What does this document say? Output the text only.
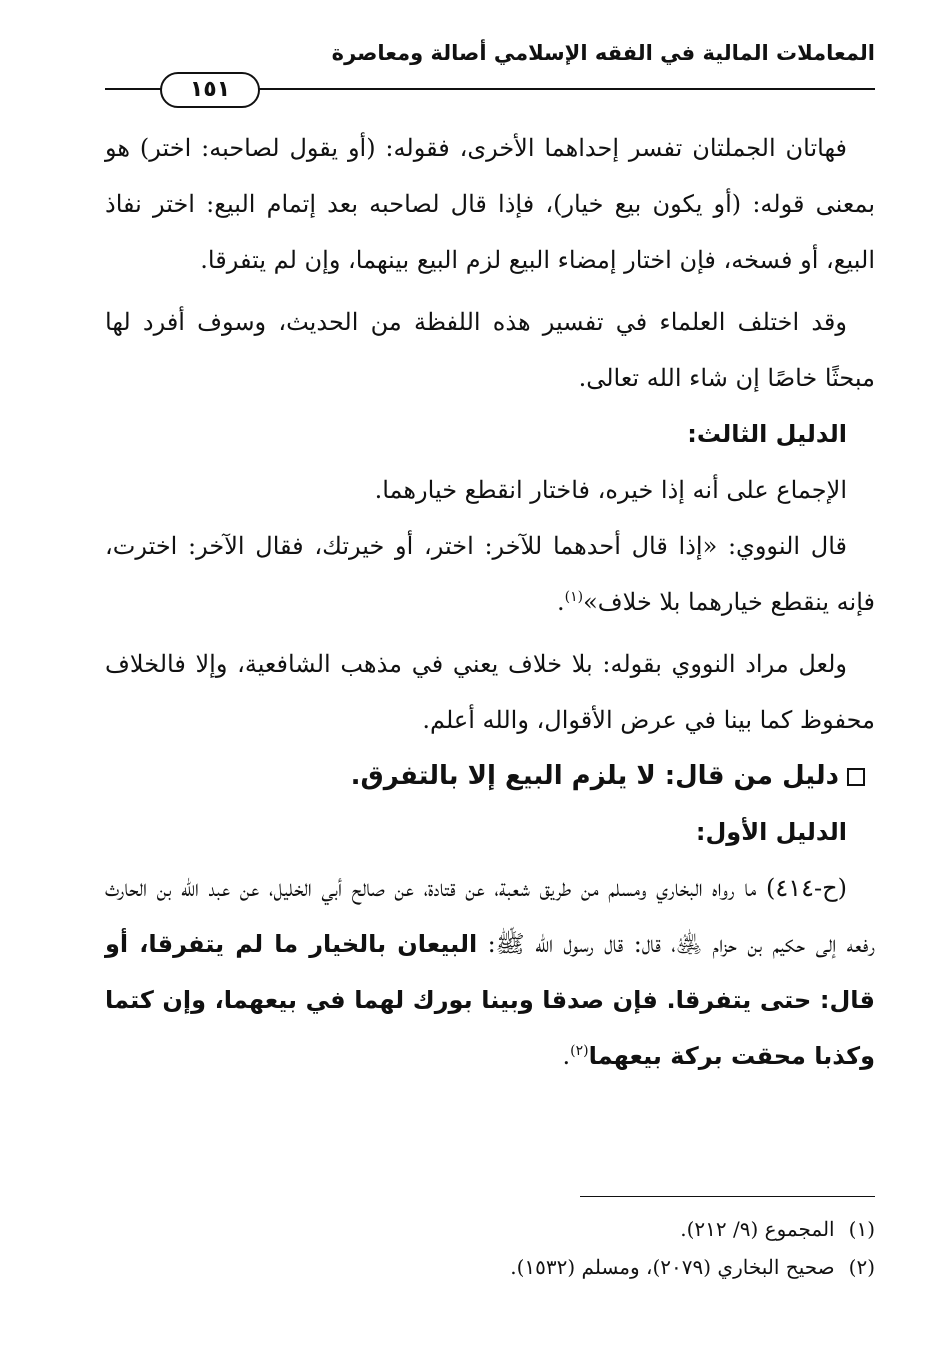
المعاملات المالية في الفقه الإسلامي أصالة ومعاصرة
١٥١

فهاتان الجملتان تفسر إحداهما الأخرى، فقوله: (أو يقول لصاحبه: اختر) هو بمعنى قوله: (أو يكون بيع خيار)، فإذا قال لصاحبه بعد إتمام البيع: اختر نفاذ البيع، أو فسخه، فإن اختار إمضاء البيع لزم البيع بينهما، وإن لم يتفرقا.

وقد اختلف العلماء في تفسير هذه اللفظة من الحديث، وسوف أفرد لها مبحثًا خاصًا إن شاء الله تعالى.

الدليل الثالث:

الإجماع على أنه إذا خيره، فاختار انقطع خيارهما.

قال النووي: «إذا قال أحدهما للآخر: اختر، أو خيرتك، فقال الآخر: اخترت، فإنه ينقطع خيارهما بلا خلاف»$^{(١)}$.

ولعل مراد النووي بقوله: بلا خلاف يعني في مذهب الشافعية، وإلا فالخلاف محفوظ كما بينا في عرض الأقوال، والله أعلم.

دليل من قال: لا يلزم البيع إلا بالتفرق.

الدليل الأول:

(ح-٤١٤) ما رواه البخاري ومسلم من طريق شعبة، عن قتادة، عن صالح أبي الخليل، عن عبد الله بن الحارث رفعه إلى حكيم بن حزام ﵁، قال: قال رسول الله ﷺ: البيعان بالخيار ما لم يتفرقا، أو قال: حتى يتفرقا. فإن صدقا وبينا بورك لهما في بيعهما، وإن كتما وكذبا محقت بركة بيعهما$^{(٢)}$.

(١)المجموع (٩/ ٢١٢).

(٢)صحيح البخاري (٢٠٧٩)، ومسلم (١٥٣٢).
